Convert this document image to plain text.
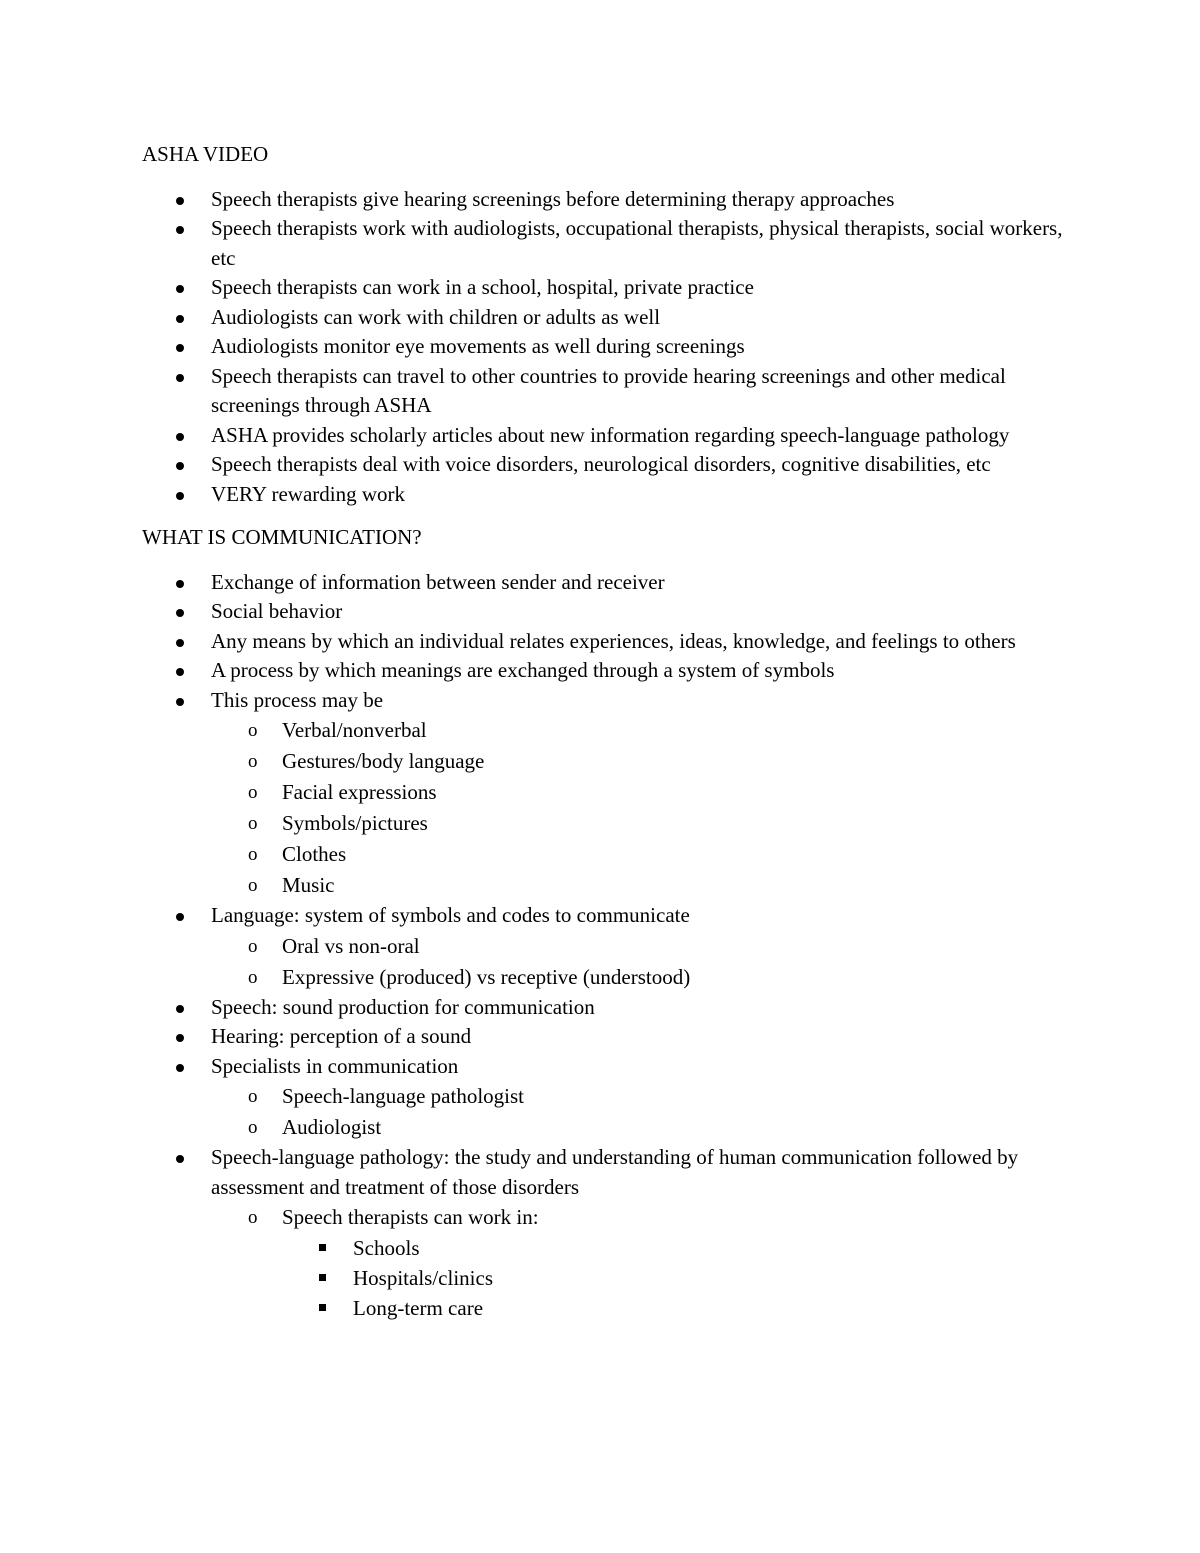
ASHA VIDEO

Speech therapists give hearing screenings before determining therapy approaches
Speech therapists work with audiologists, occupational therapists, physical therapists, social workers, etc
Speech therapists can work in a school, hospital, private practice
Audiologists can work with children or adults as well
Audiologists monitor eye movements as well during screenings
Speech therapists can travel to other countries to provide hearing screenings and other medical screenings through ASHA
ASHA provides scholarly articles about new information regarding speech-language pathology
Speech therapists deal with voice disorders, neurological disorders, cognitive disabilities, etc
VERY rewarding work

WHAT IS COMMUNICATION?

Exchange of information between sender and receiver
Social behavior
Any means by which an individual relates experiences, ideas, knowledge, and feelings to others
A process by which meanings are exchanged through a system of symbols
This process may be
o Verbal/nonverbal
o Gestures/body language
o Facial expressions
o Symbols/pictures
o Clothes
o Music
Language: system of symbols and codes to communicate
o Oral vs non-oral
o Expressive (produced) vs receptive (understood)
Speech: sound production for communication
Hearing: perception of a sound
Specialists in communication
o Speech-language pathologist
o Audiologist
Speech-language pathology: the study and understanding of human communication followed by assessment and treatment of those disorders
o Speech therapists can work in:
Schools
Hospitals/clinics
Long-term care
